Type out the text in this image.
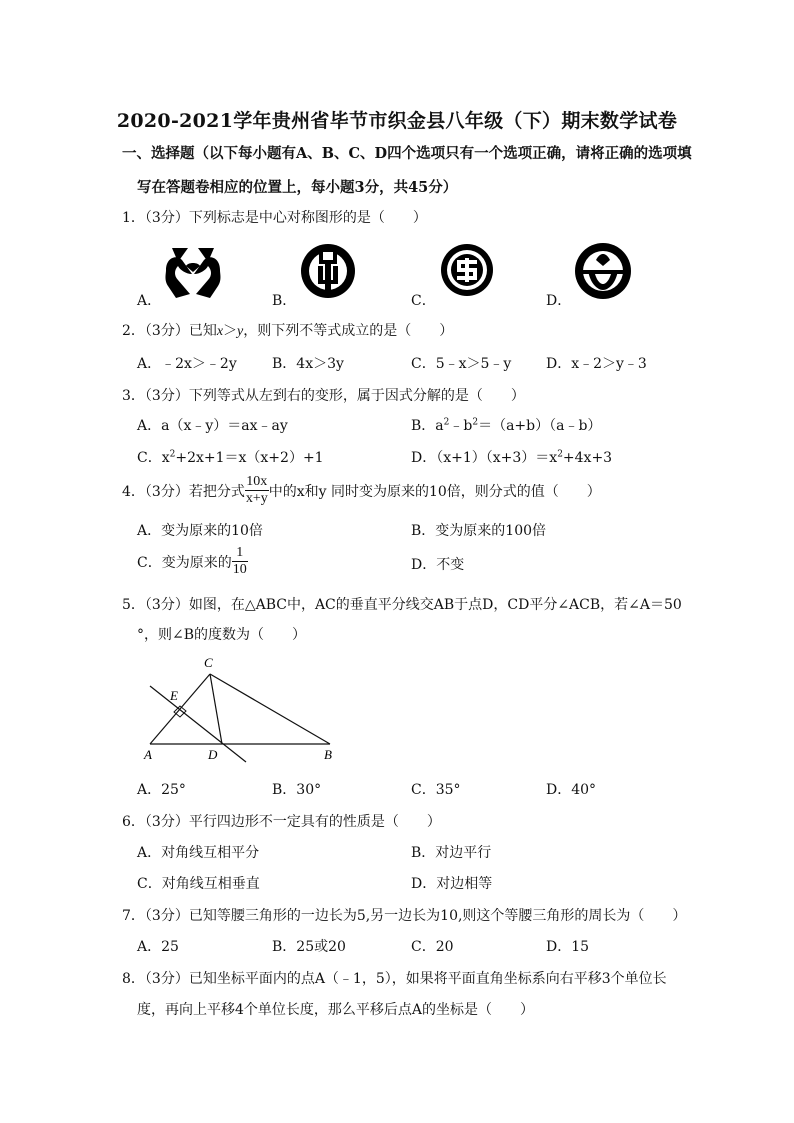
2020-2021学年贵州省毕节市织金县八年级（下）期末数学试卷
一、选择题（以下每小题有A、B、C、D四个选项只有一个选项正确，请将正确的选项填
写在答题卷相应的位置上，每小题3分，共45分）
1．（3分）下列标志是中心对称图形的是（　　）
A．	B．	C．	D．
2．（3分）已知x＞y，则下列不等式成立的是（　　）
A．﹣2x＞﹣2y	B．4x＞3y	C．5﹣x＞5﹣y D．x﹣2＞y﹣3
3．（3分）下列等式从左到右的变形，属于因式分解的是（　　）
A．a（x﹣y）＝ax﹣ay	B．$a^2﹣b^2=(a+b)(a﹣b)$
C．$x^2+2x+1=x(x+2)+1$	D．$(x+1)(x+3)=x^2+4x+3$
4．（3分）若把分式 $\frac{10x}{x+y}$ 中的x和y 同时变为原来的10倍，则分式的值（　　）
A．变为原来的10倍	B．变为原来的100倍
C．变为原来的 $\frac{1}{10}$	D．不变
5．（3分）如图，在△ABC中，AC的垂直平分线交AB于点D，CD平分∠ACB，若∠A＝50
°，则∠B的度数为（　　）
C
E
A	D	B
A．25°	B．30°	C．35°	D．40°
6．（3分）平行四边形不一定具有的性质是（　　）
A．对角线互相平分	B．对边平行
C．对角线互相垂直	D．对边相等
7．（3分）已知等腰三角形的一边长为5,另一边长为10,则这个等腰三角形的周长为（　　）
A．25	B．25或20	C．20	D．15
8．（3分）已知坐标平面内的点A（﹣1，5），如果将平面直角坐标系向右平移3个单位长
度，再向上平移4个单位长度，那么平移后点A的坐标是（　　）
